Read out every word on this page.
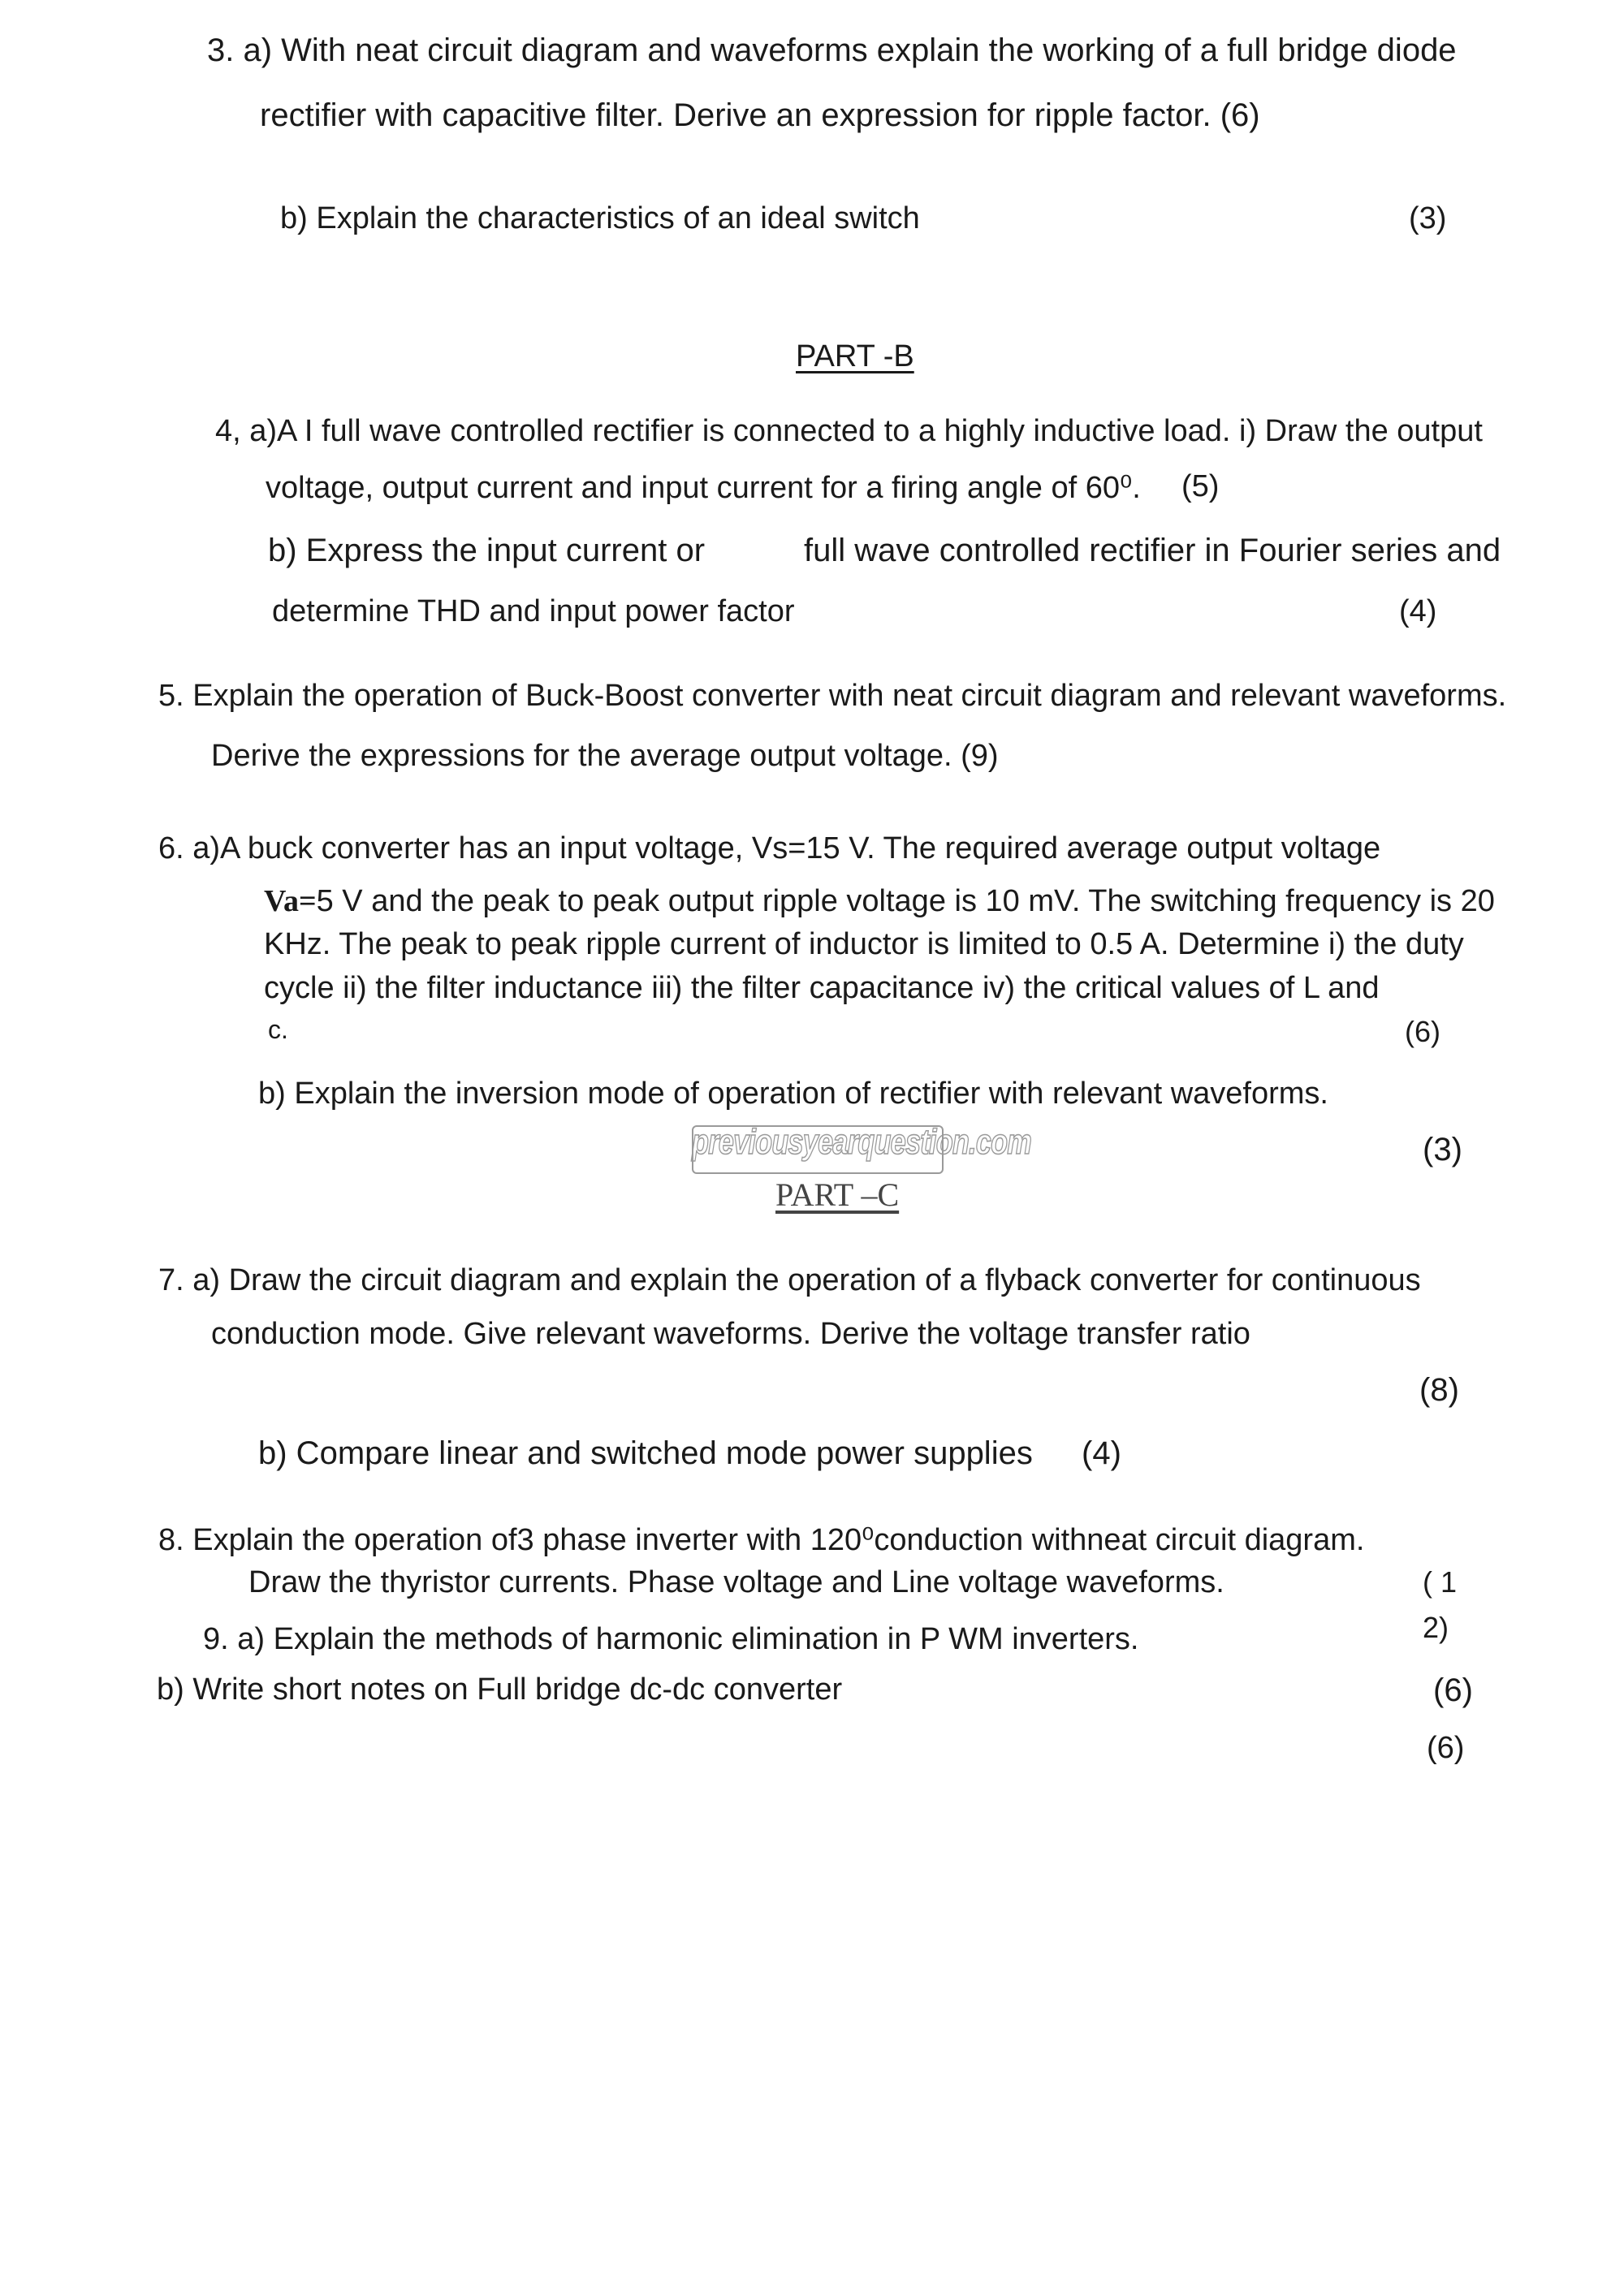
3. a) With neat circuit diagram and waveforms explain the working of a full bridge diode
rectifier with capacitive filter. Derive an expression for ripple factor. (6)
b) Explain the characteristics of an ideal switch	(3)
PART -B
4, a)A I full wave controlled rectifier is connected to a highly inductive load. i) Draw the output
voltage, output current and input current for a firing angle of 60⁰. (5)
b) Express the input current or	full wave controlled rectifier in Fourier series and
determine THD and input power factor	(4)
5. Explain the operation of Buck-Boost converter with neat circuit diagram and relevant waveforms.
Derive the expressions for the average output voltage. (9)
6. a)A buck converter has an input voltage, Vs=15 V. The required average output voltage
Va=5 V and the peak to peak output ripple voltage is 10 mV. The switching frequency is 20
KHz. The peak to peak ripple current of inductor is limited to 0.5 A. Determine i) the duty
cycle ii) the filter inductance iii) the filter capacitance iv) the critical values of L and
c.	(6)
b) Explain the inversion mode of operation of rectifier with relevant waveforms.
(3)
previousyearquestion.com
PART –C
7. a) Draw the circuit diagram and explain the operation of a flyback converter for continuous
conduction mode. Give relevant waveforms. Derive the voltage transfer ratio
(8)
b) Compare linear and switched mode power supplies (4)
8. Explain the operation of3 phase inverter with 120⁰conduction withneat circuit diagram.
Draw the thyristor currents. Phase voltage and Line voltage waveforms.	( 1
2)
9. a) Explain the methods of harmonic elimination in P WM inverters.
b) Write short notes on Full bridge dc-dc converter	(6)
(6)
